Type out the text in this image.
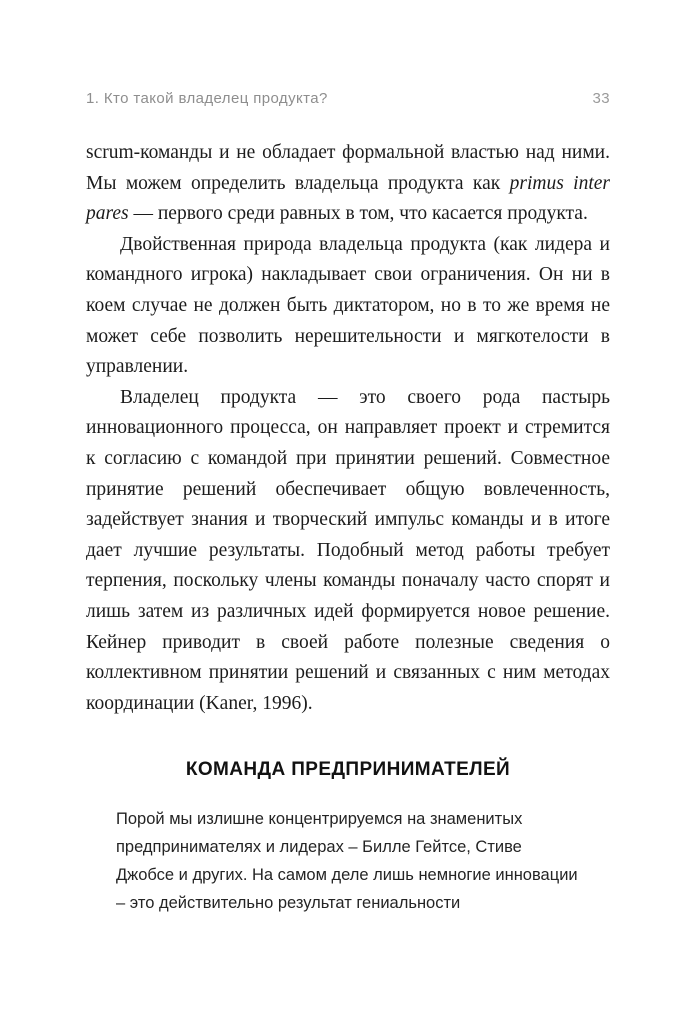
1. Кто такой владелец продукта?	33

scrum-команды и не обладает формальной властью над ними. Мы можем определить владельца продукта как primus inter pares — первого среди равных в том, что касается продукта.

Двойственная природа владельца продукта (как лидера и командного игрока) накладывает свои ограничения. Он ни в коем случае не должен быть диктатором, но в то же время не может себе позволить нерешительности и мягкотелости в управлении.

Владелец продукта — это своего рода пастырь инновационного процесса, он направляет проект и стремится к согласию с командой при принятии решений. Совместное принятие решений обеспечивает общую вовлеченность, задействует знания и творческий импульс команды и в итоге дает лучшие результаты. Подобный метод работы требует терпения, поскольку члены команды поначалу часто спорят и лишь затем из различных идей формируется новое решение. Кейнер приводит в своей работе полезные сведения о коллективном принятии решений и связанных с ним методах координации (Kaner, 1996).

КОМАНДА ПРЕДПРИНИМАТЕЛЕЙ
Порой мы излишне концентрируемся на знаменитых предпринимателях и лидерах – Билле Гейтсе, Стиве Джобсе и других. На самом деле лишь немногие инновации – это действительно результат гениальности
